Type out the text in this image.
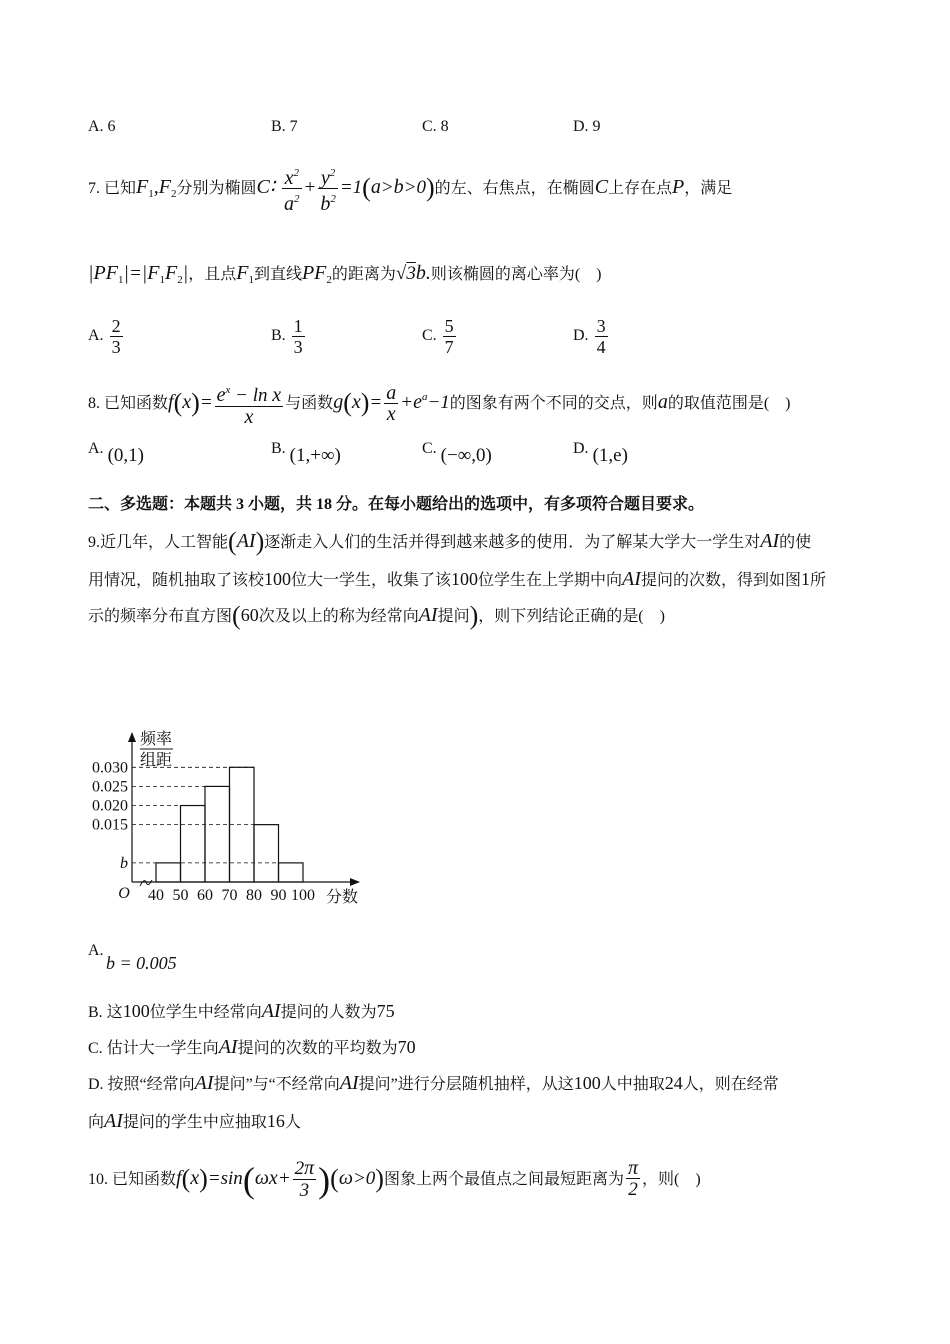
A. 6	B. 7	C. 8	D. 9
7. 已知$F_1,F_2$分别为椭圆C∶ $\frac{x^2}{a^2} + \frac{y^2}{b^2} =1(a>b>0)$的左、右焦点，在椭圆C上存在点P，满足
$|PF_1|=|F_1F_2|$，且点$F_1$到直线$PF_2$的距离为√3b.则该椭圆的离心率为(　)
A. $\frac{2}{3}$	B. $\frac{1}{3}$	C. $\frac{5}{7}$	D. $\frac{3}{4}$
8. 已知函数$f(x)= \frac{e^x - \ln x}{x}$ 与函数$g(x)= \frac{a}{x} +e^a-1$的图象有两个不同的交点，则a的取值范围是(　)
A. (0,1)	B. (1,+∞)	C. (−∞,0)	D. (1,e)
二、多选题：本题共 3 小题，共 18 分。在每小题给出的选项中，有多项符合题目要求。
9.近几年，人工智能(AI)逐渐走入人们的生活并得到越来越多的使用．为了解某大学大一学生对AI的使
用情况，随机抽取了该校100位大一学生，收集了该100位学生在上学期中向AI提问的次数，得到如图1所
示的频率分布直方图(60次及以上的称为经常向AI提问)，则下列结论正确的是(　)
频率
组距
O
b
0.015
0.020
0.025
0.030
40 50 60 70 80 90 100 分数
A.
b = 0.005
B. 这100位学生中经常向AI提问的人数为75
C. 估计大一学生向AI提问的次数的平均数为70
D. 按照“经常向AI提问”与“不经常向AI提问”进行分层随机抽样，从这100人中抽取24人，则在经常
向AI提问的学生中应抽取16人
10. 已知函数$f(x)=\sin(\omega x+ \frac{2\pi}{3} )(\omega>0)$图象上两个最值点之间最短距离为 $\frac{\pi}{2}$ ，则(　)
